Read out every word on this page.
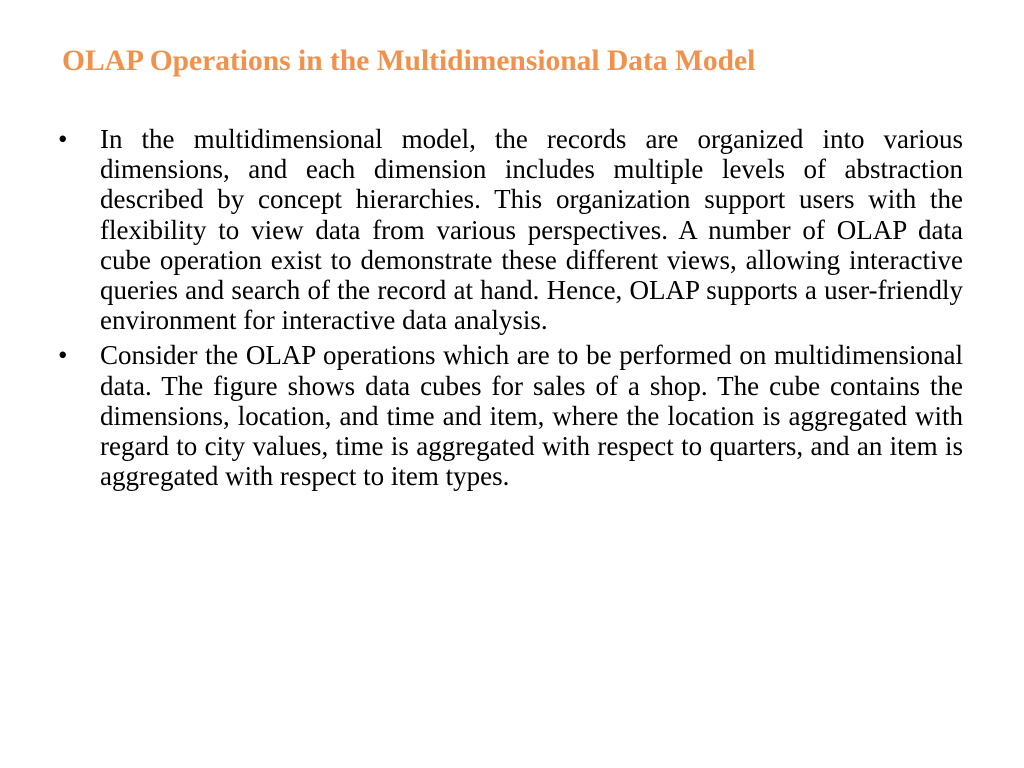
OLAP Operations in the Multidimensional Data Model
• In the multidimensional model, the records are organized into various dimensions, and each dimension includes multiple levels of abstraction described by concept hierarchies. This organization support users with the flexibility to view data from various perspectives. A number of OLAP data cube operation exist to demonstrate these different views, allowing interactive queries and search of the record at hand. Hence, OLAP supports a user-friendly environment for interactive data analysis.
• Consider the OLAP operations which are to be performed on multidimensional data. The figure shows data cubes for sales of a shop. The cube contains the dimensions, location, and time and item, where the location is aggregated with regard to city values, time is aggregated with respect to quarters, and an item is aggregated with respect to item types.
